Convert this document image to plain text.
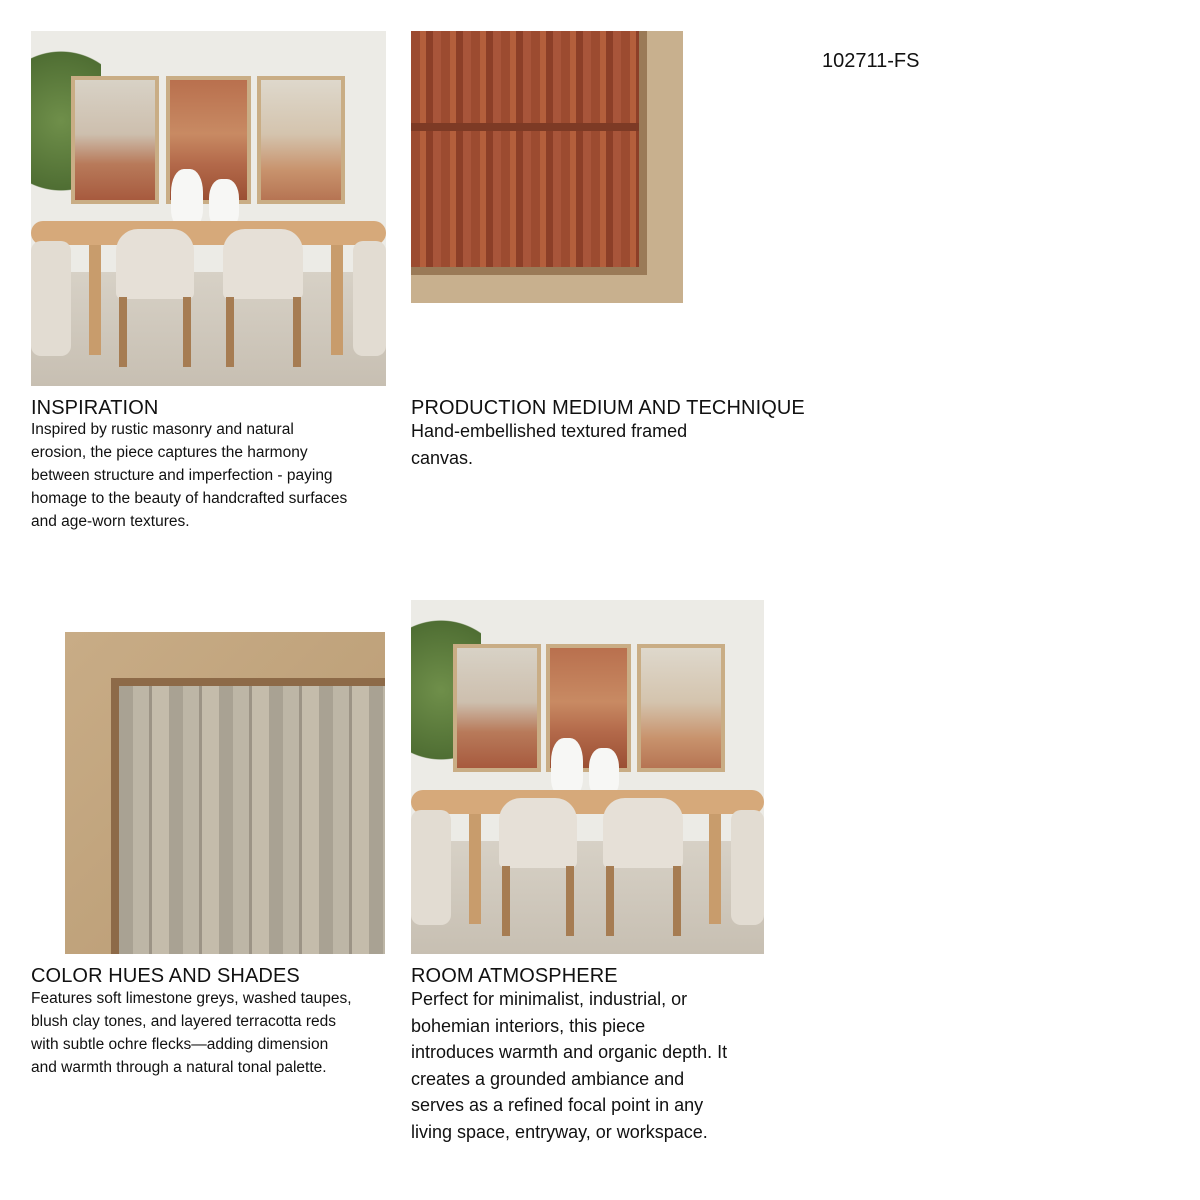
102711-FS
INSPIRATION
Inspired by rustic masonry and natural
erosion, the piece captures the harmony
between structure and imperfection - paying
homage to the beauty of handcrafted surfaces
and age-worn textures.
PRODUCTION MEDIUM AND TECHNIQUE
Hand-embellished textured framed
canvas.
COLOR HUES AND SHADES
Features soft limestone greys, washed taupes,
blush clay tones, and layered terracotta reds
with subtle ochre flecks—adding dimension
and warmth through a natural tonal palette.
ROOM ATMOSPHERE
Perfect for minimalist, industrial, or
bohemian interiors, this piece
introduces warmth and organic depth. It
creates a grounded ambiance and
serves as a refined focal point in any
living space, entryway, or workspace.
